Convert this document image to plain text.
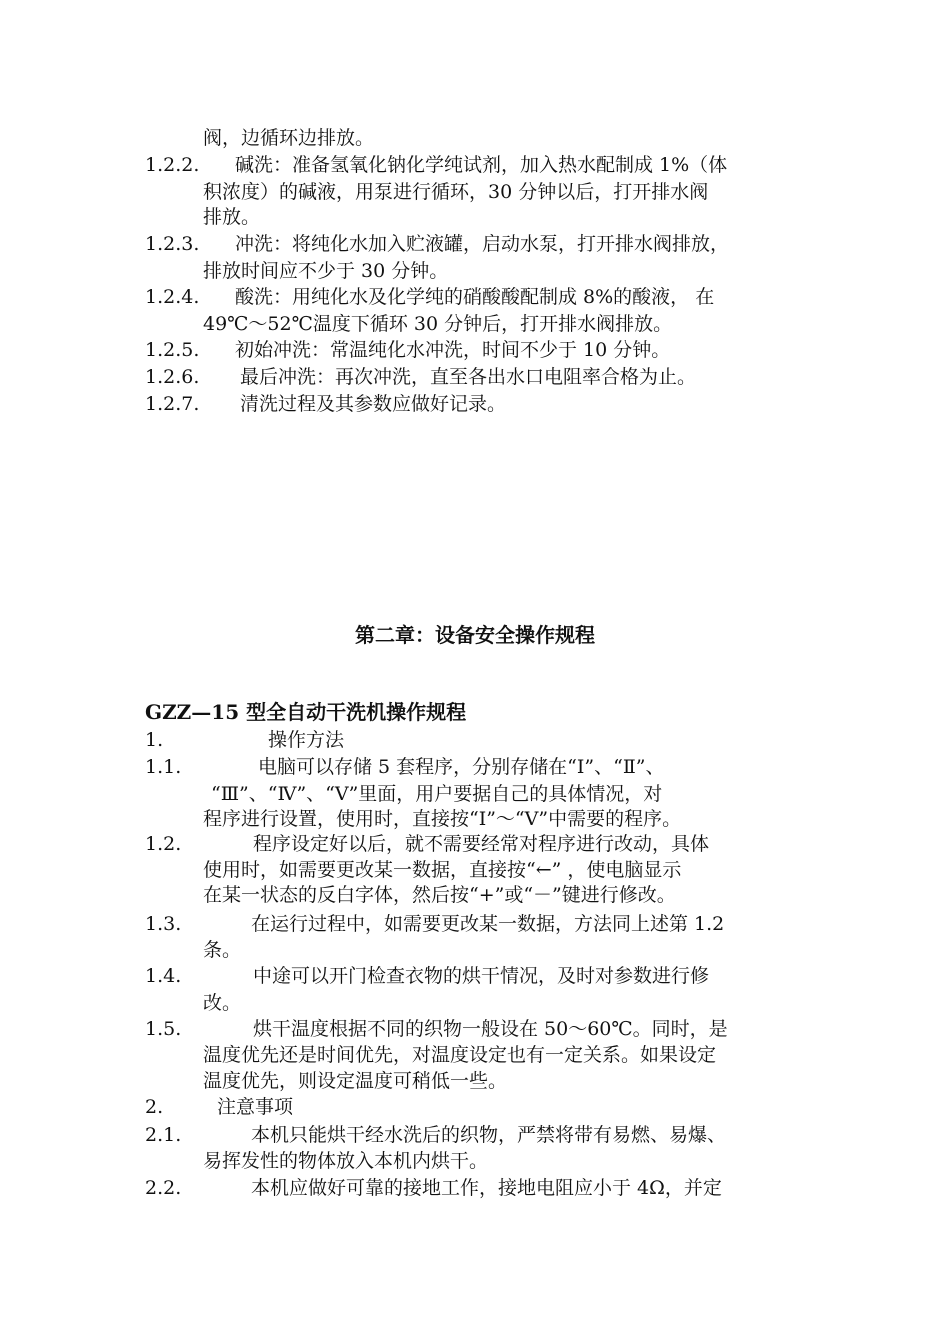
阀，边循环边排放。
1.2.2. 碱洗：准备氢氧化钠化学纯试剂，加入热水配制成 1%（体
积浓度）的碱液，用泵进行循环，30 分钟以后，打开排水阀
排放。
1.2.3. 冲洗：将纯化水加入贮液罐，启动水泵，打开排水阀排放，
排放时间应不少于 30 分钟。
1.2.4. 酸洗：用纯化水及化学纯的硝酸酸配制成 8%的酸液， 在
49℃～52℃温度下循环 30 分钟后，打开排水阀排放。
1.2.5. 初始冲洗：常温纯化水冲洗，时间不少于 10 分钟。
1.2.6. 最后冲洗：再次冲洗，直至各出水口电阻率合格为止。
1.2.7. 清洗过程及其参数应做好记录。
第二章：设备安全操作规程
GZZ—15 型全自动干洗机操作规程
1.	操作方法
1.1.	电脑可以存储 5 套程序，分别存储在“Ⅰ”、“Ⅱ”、
“Ⅲ”、“Ⅳ”、“Ⅴ”里面，用户要据自己的具体情况，对
程序进行设置，使用时，直接按“Ⅰ”～“Ⅴ”中需要的程序。
1.2.	程序设定好以后，就不需要经常对程序进行改动，具体
使用时，如需要更改某一数据，直接按“←” ，使电脑显示
在某一状态的反白字体，然后按“+”或“－”键进行修改。
1.3.	在运行过程中，如需要更改某一数据，方法同上述第 1.2
条。
1.4.	中途可以开门检查衣物的烘干情况，及时对参数进行修
改。
1.5.	烘干温度根据不同的织物一般设在 50～60℃。同时，是
温度优先还是时间优先，对温度设定也有一定关系。如果设定
温度优先，则设定温度可稍低一些。
2.	注意事项
2.1.	本机只能烘干经水洗后的织物，严禁将带有易燃、易爆、
易挥发性的物体放入本机内烘干。
2.2.	本机应做好可靠的接地工作，接地电阻应小于 4Ω，并定
